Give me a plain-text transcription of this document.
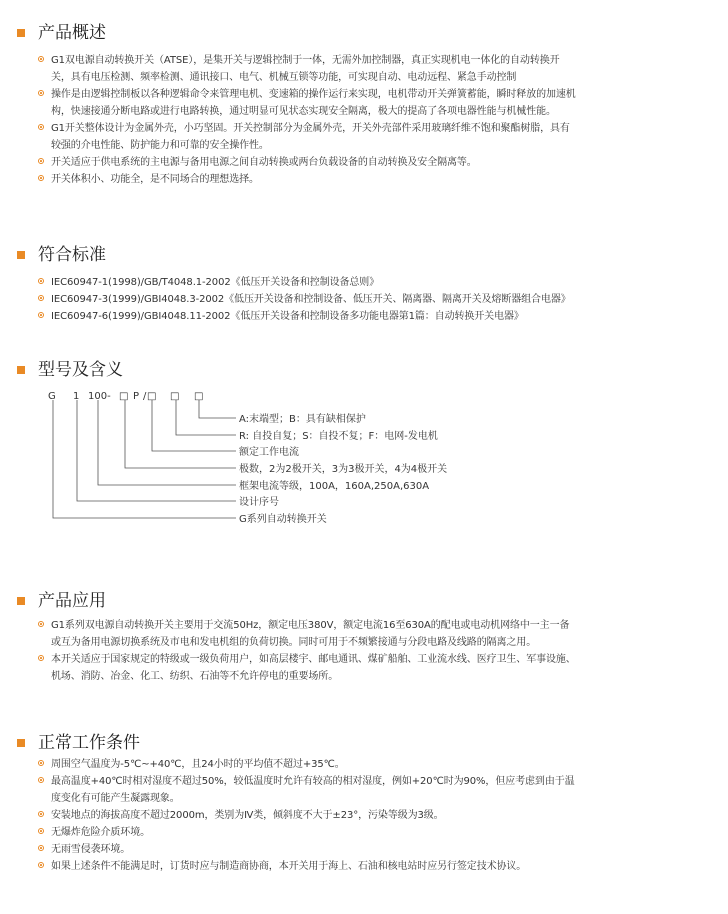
产品概述
G1双电源自动转换开关（ATSE），是集开关与逻辑控制于一体，无需外加控制器，真正实现机电一体化的自动转换开关，具有电压检测、频率检测、通讯接口、电气、机械互锁等功能，可实现自动、电动远程、紧急手动控制
操作是由逻辑控制板以各种逻辑命令来管理电机、变速箱的操作运行来实现，电机带动开关弹簧蓄能，瞬时释放的加速机构，快速接通分断电路或进行电路转换，通过明显可见状态实现安全隔离，极大的提高了各项电器性能与机械性能。
G1开关整体设计为金属外壳，小巧坚固。开关控制部分为金属外壳，开关外壳部件采用玻璃纤维不饱和聚酯树脂，具有较强的介电性能、防护能力和可靠的安全操作性。
开关适应于供电系统的主电源与备用电源之间自动转换或两台负载设备的自动转换及安全隔离等。
开关体积小、功能全，是不同场合的理想选择。
符合标准
IEC60947-1(1998)/GB/T4048.1-2002《低压开关设备和控制设备总则》
IEC60947-3(1999)/GBI4048.3-2002《低压开关设备和控制设备、低压开关、隔离器、隔离开关及熔断器组合电器》
IEC60947-6(1999)/GBI4048.11-2002《低压开关设备和控制设备多功能电器第1篇：自动转换开关电器》
型号及含义
G 1 100- □ P / □ □ □
A:末端型；B：具有缺相保护
R: 自投自复；S：自投不复；F：电网-发电机
额定工作电流
极数，2为2极开关，3为3极开关，4为4极开关
框架电流等级，100A，160A,250A,630A
设计序号
G系列自动转换开关
产品应用
G1系列双电源自动转换开关主要用于交流50Hz，额定电压380V，额定电流16至630A的配电或电动机网络中一主一备或互为备用电源切换系统及市电和发电机组的负荷切换。同时可用于不频繁接通与分段电路及线路的隔离之用。
本开关适应于国家规定的特级或一级负荷用户，如高层楼宇、邮电通讯、煤矿船舶、工业流水线、医疗卫生、军事设施、机场、消防、冶金、化工、纺织、石油等不允许停电的重要场所。
正常工作条件
周围空气温度为-5℃~+40℃，且24小时的平均值不超过+35℃。
最高温度+40℃时相对湿度不超过50%，较低温度时允许有较高的相对湿度，例如+20℃时为90%，但应考虑到由于温度变化有可能产生凝露现象。
安装地点的海拔高度不超过2000m，类别为Ⅳ类，倾斜度不大于±23°，污染等级为3级。
无爆炸危险介质环境。
无雨雪侵袭环境。
如果上述条件不能满足时，订货时应与制造商协商，本开关用于海上、石油和核电站时应另行签定技术协议。
